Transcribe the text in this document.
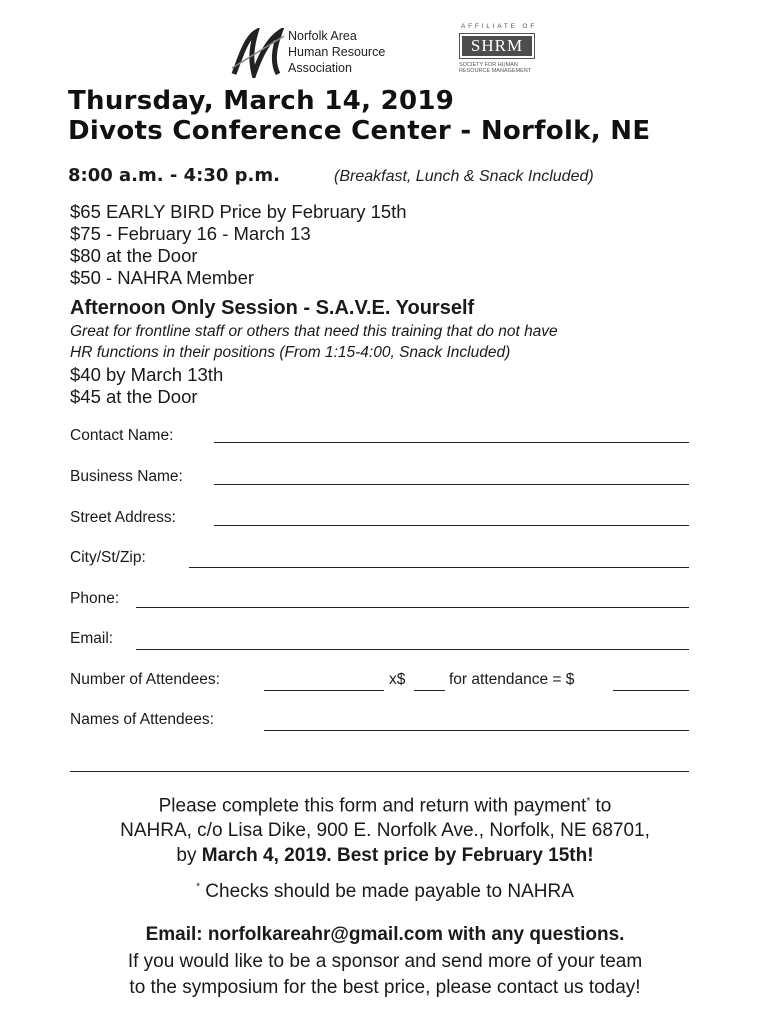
Norfolk Area
Human Resource
Association
AFFILIATE OF
SHRM
SOCIETY FOR HUMAN RESOURCE MANAGEMENT
Thursday, March 14, 2019
Divots Conference Center - Norfolk, NE
8:00 a.m. - 4:30 p.m.	(Breakfast, Lunch & Snack Included)
$65 EARLY BIRD Price by February 15th
$75 - February 16 - March 13
$80 at the Door
$50 - NAHRA Member
Afternoon Only Session - S.A.V.E. Yourself
Great for frontline staff or others that need this training that do not have
HR functions in their positions (From 1:15-4:00, Snack Included)
$40 by March 13th
$45 at the Door
Contact Name:
Business Name:
Street Address:
City/St/Zip:
Phone:
Email:
Number of Attendees:	x$	for attendance = $
Names of Attendees:
Please complete this form and return with payment* to
NAHRA, c/o Lisa Dike, 900 E. Norfolk Ave., Norfolk, NE 68701,
by March 4, 2019. Best price by February 15th!
* Checks should be made payable to NAHRA
Email: norfolkareahr@gmail.com with any questions.
If you would like to be a sponsor and send more of your team
to the symposium for the best price, please contact us today!
